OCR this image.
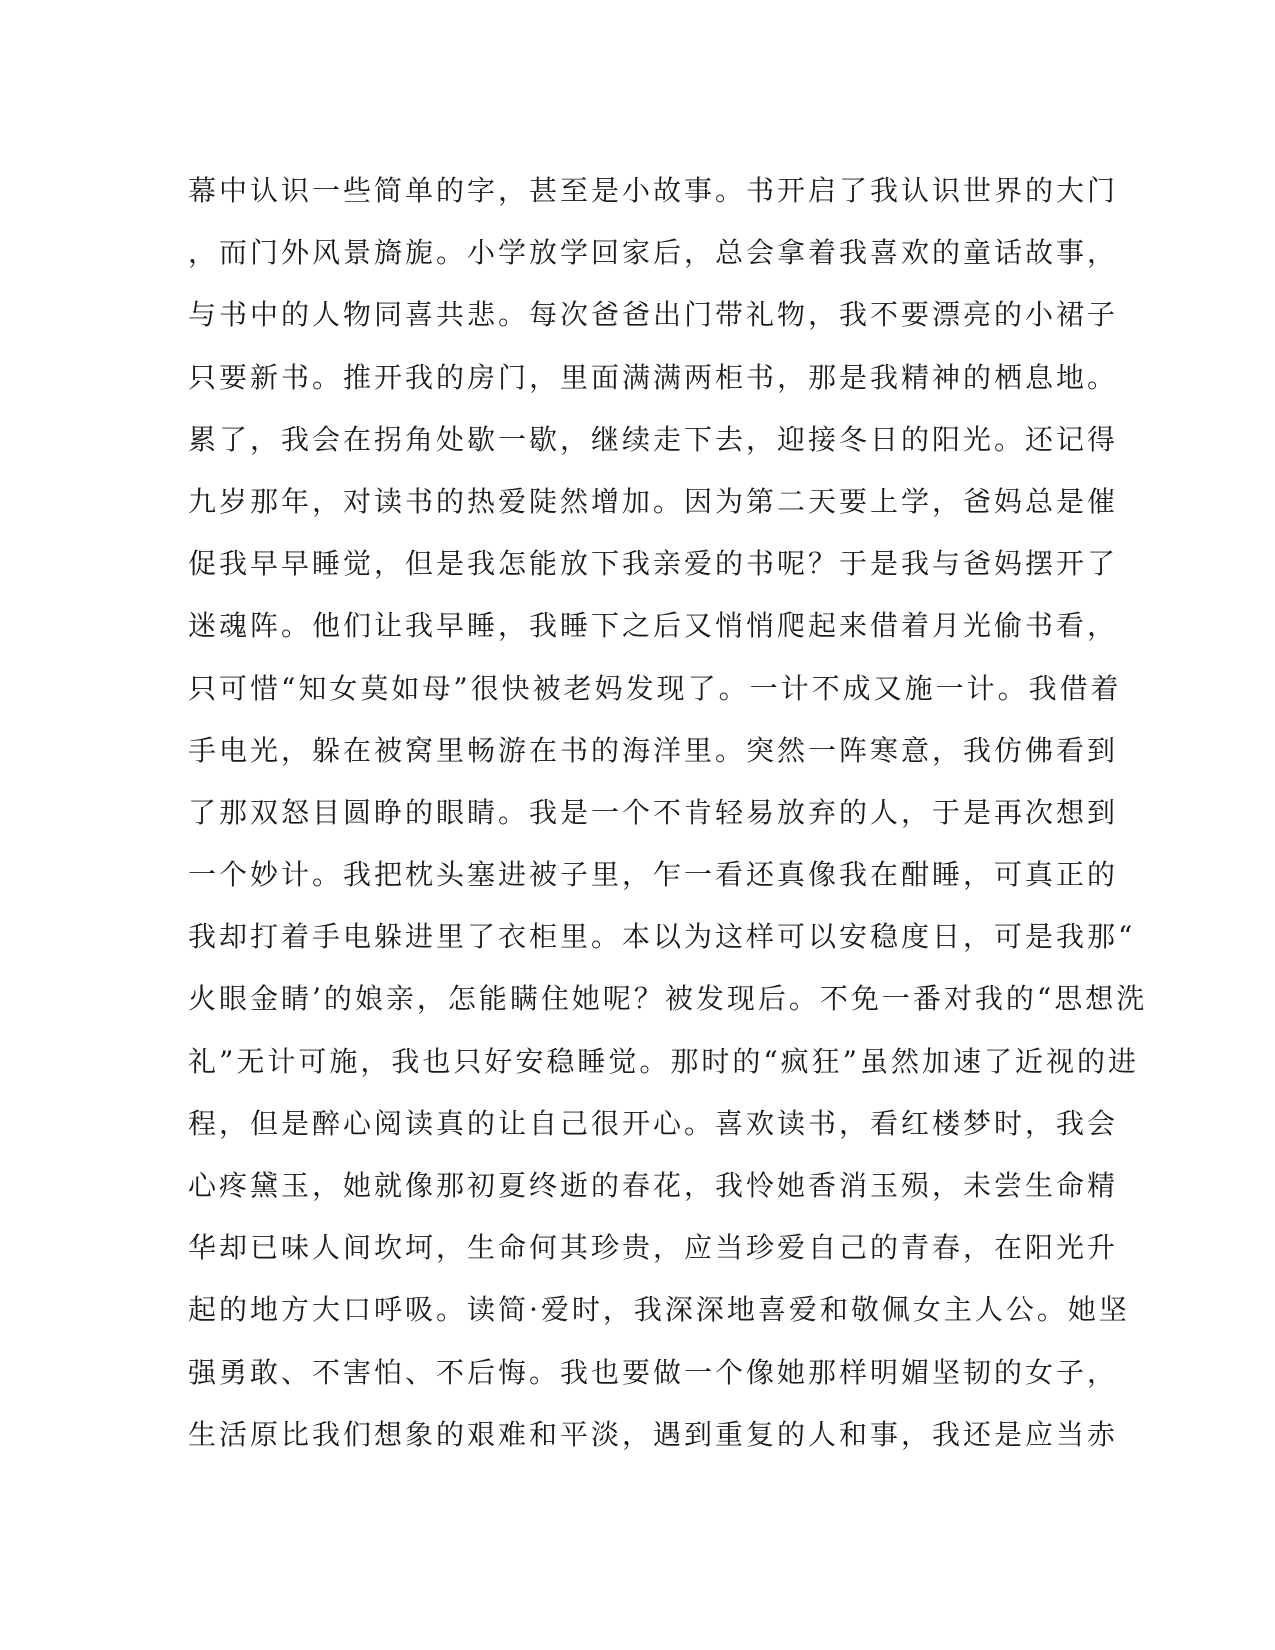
幕中认识一些简单的字，甚至是小故事。书开启了我认识世界的大门
，而门外风景旖旎。小学放学回家后，总会拿着我喜欢的童话故事，
与书中的人物同喜共悲。每次爸爸出门带礼物，我不要漂亮的小裙子
只要新书。推开我的房门，里面满满两柜书，那是我精神的栖息地。
累了，我会在拐角处歇一歇，继续走下去，迎接冬日的阳光。还记得
九岁那年，对读书的热爱陡然增加。因为第二天要上学，爸妈总是催
促我早早睡觉，但是我怎能放下我亲爱的书呢？于是我与爸妈摆开了
迷魂阵。他们让我早睡，我睡下之后又悄悄爬起来借着月光偷书看，
只可惜“知女莫如母”很快被老妈发现了。一计不成又施一计。我借着
手电光，躲在被窝里畅游在书的海洋里。突然一阵寒意，我仿佛看到
了那双怒目圆睁的眼睛。我是一个不肯轻易放弃的人，于是再次想到
一个妙计。我把枕头塞进被子里，乍一看还真像我在酣睡，可真正的
我却打着手电躲进里了衣柜里。本以为这样可以安稳度日，可是我那“
火眼金睛’的娘亲，怎能瞒住她呢？被发现后。不免一番对我的“思想洗
礼”无计可施，我也只好安稳睡觉。那时的“疯狂”虽然加速了近视的进
程，但是醉心阅读真的让自己很开心。喜欢读书，看红楼梦时，我会
心疼黛玉，她就像那初夏终逝的春花，我怜她香消玉殒，未尝生命精
华却已味人间坎坷，生命何其珍贵，应当珍爱自己的青春，在阳光升
起的地方大口呼吸。读简·爱时，我深深地喜爱和敬佩女主人公。她坚
强勇敢、不害怕、不后悔。我也要做一个像她那样明媚坚韧的女子，
生活原比我们想象的艰难和平淡，遇到重复的人和事，我还是应当赤
